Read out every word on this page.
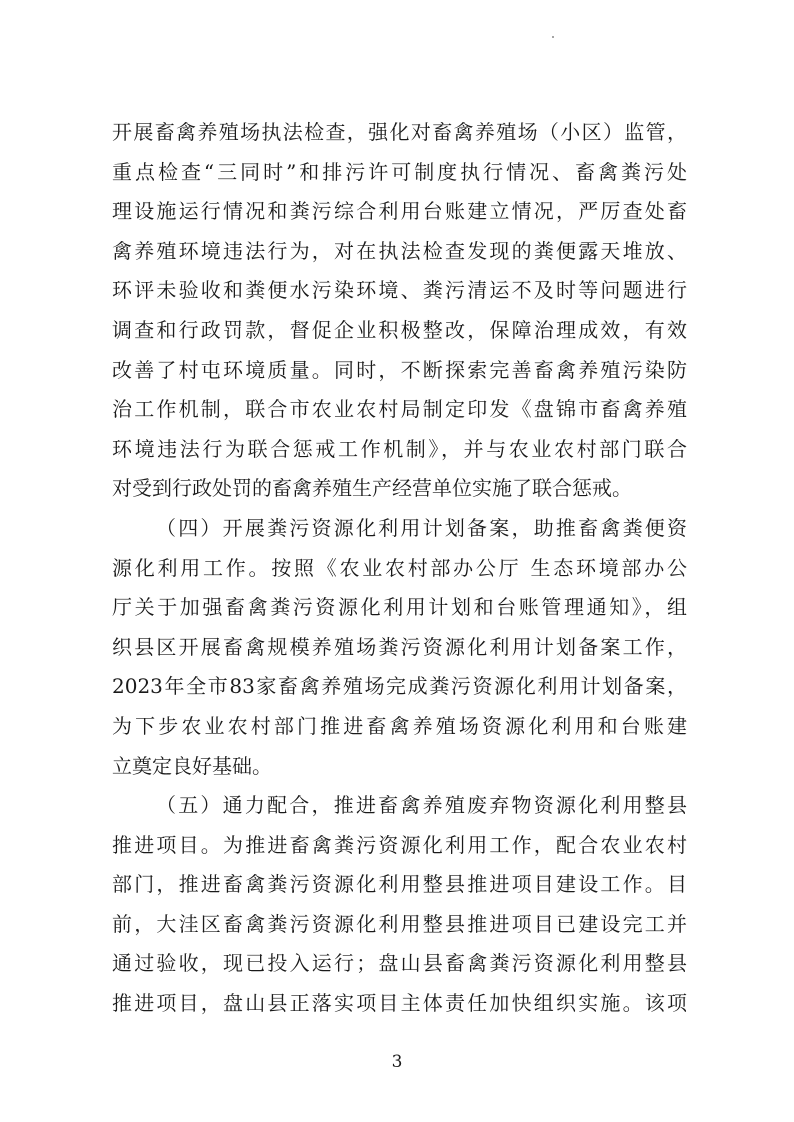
开展畜禽养殖场执法检查，强化对畜禽养殖场（小区）监管，
重点检查“三同时”和排污许可制度执行情况、畜禽粪污处
理设施运行情况和粪污综合利用台账建立情况，严厉查处畜
禽养殖环境违法行为，对在执法检查发现的粪便露天堆放、
环评未验收和粪便水污染环境、粪污清运不及时等问题进行
调查和行政罚款，督促企业积极整改，保障治理成效，有效
改善了村屯环境质量。同时，不断探索完善畜禽养殖污染防
治工作机制，联合市农业农村局制定印发《盘锦市畜禽养殖
环境违法行为联合惩戒工作机制》，并与农业农村部门联合
对受到行政处罚的畜禽养殖生产经营单位实施了联合惩戒。
（四）开展粪污资源化利用计划备案，助推畜禽粪便资
源化利用工作。按照《农业农村部办公厅 生态环境部办公
厅关于加强畜禽粪污资源化利用计划和台账管理通知》，组
织县区开展畜禽规模养殖场粪污资源化利用计划备案工作，
2023年全市83家畜禽养殖场完成粪污资源化利用计划备案，
为下步农业农村部门推进畜禽养殖场资源化利用和台账建
立奠定良好基础。
（五）通力配合，推进畜禽养殖废弃物资源化利用整县
推进项目。为推进畜禽粪污资源化利用工作，配合农业农村
部门，推进畜禽粪污资源化利用整县推进项目建设工作。目
前，大洼区畜禽粪污资源化利用整县推进项目已建设完工并
通过验收，现已投入运行；盘山县畜禽粪污资源化利用整县
推进项目，盘山县正落实项目主体责任加快组织实施。该项
3
